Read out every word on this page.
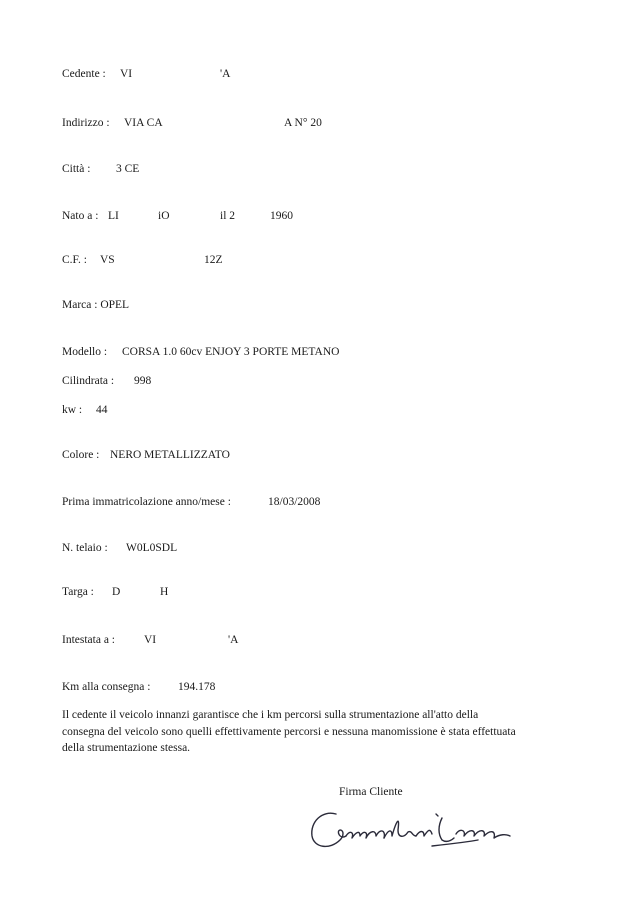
Cedente : VI	'A
Indirizzo : VIA CA	A N° 20
Città : 3 CE
Nato a : LI	iO	il 2	1960
C.F. : VS	12Z
Marca : OPEL
Modello : CORSA 1.0 60cv ENJOY 3 PORTE METANO
Cilindrata : 998
kw : 44
Colore : NERO METALLIZZATO
Prima immatricolazione anno/mese :	18/03/2008
N. telaio : W0L0SDL
Targa : D	H
Intestata a :	VI	'A
Km alla consegna : 194.178
Il cedente il veicolo innanzi garantisce che i km percorsi sulla strumentazione all'atto della
consegna del veicolo sono quelli effettivamente percorsi e nessuna manomissione è stata effettuata
della strumentazione stessa.
Firma Cliente
